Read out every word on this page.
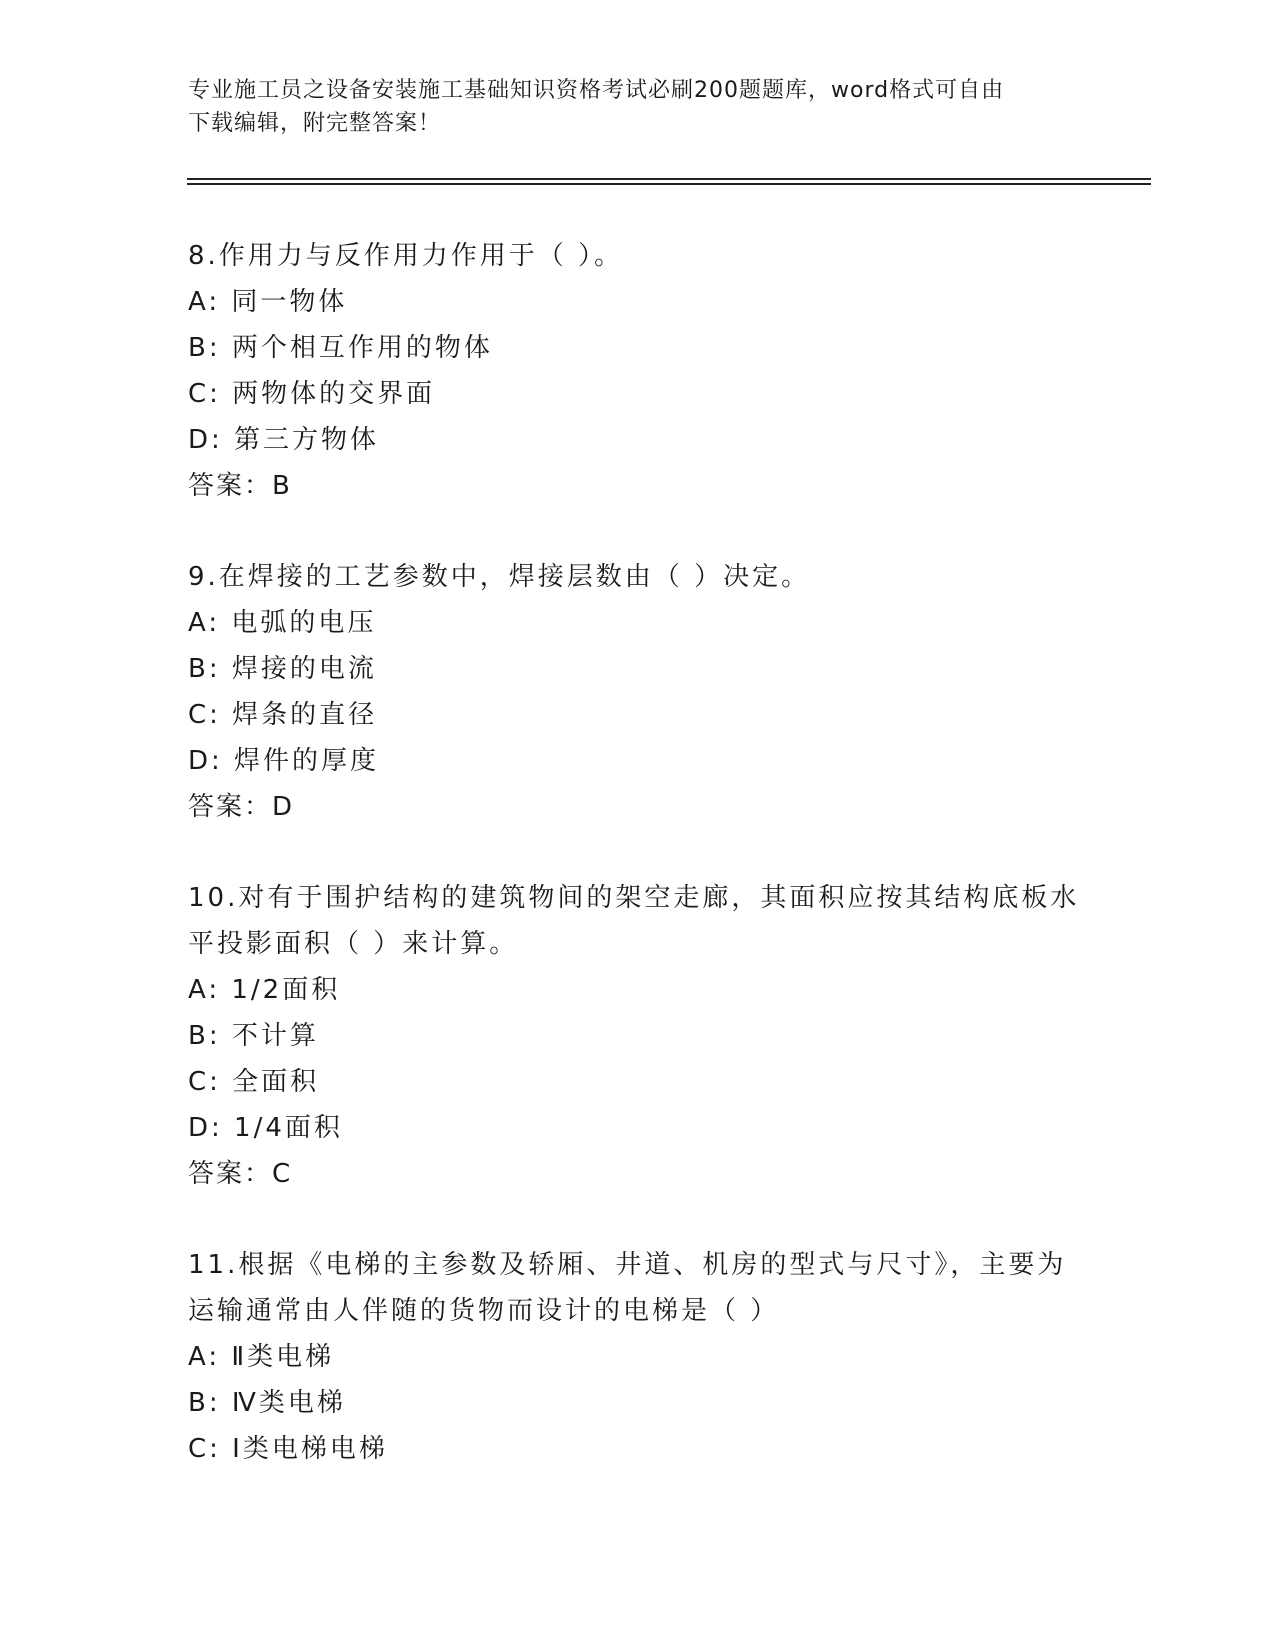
专业施工员之设备安装施工基础知识资格考试必刷200题题库，word格式可自由
下载编辑，附完整答案！
8.作用力与反作用力作用于（ ）。
A: 同一物体
B: 两个相互作用的物体
C: 两物体的交界面
D: 第三方物体
答案：B
9.在焊接的工艺参数中，焊接层数由（ ）决定。
A: 电弧的电压
B: 焊接的电流
C: 焊条的直径
D: 焊件的厚度
答案：D
10.对有于围护结构的建筑物间的架空走廊，其面积应按其结构底板水
平投影面积（ ）来计算。
A: 1/2面积
B: 不计算
C: 全面积
D: 1/4面积
答案：C
11.根据《电梯的主参数及轿厢、井道、机房的型式与尺寸》，主要为
运输通常由人伴随的货物而设计的电梯是（ ）
A: Ⅱ类电梯
B: Ⅳ类电梯
C: Ⅰ类电梯电梯
